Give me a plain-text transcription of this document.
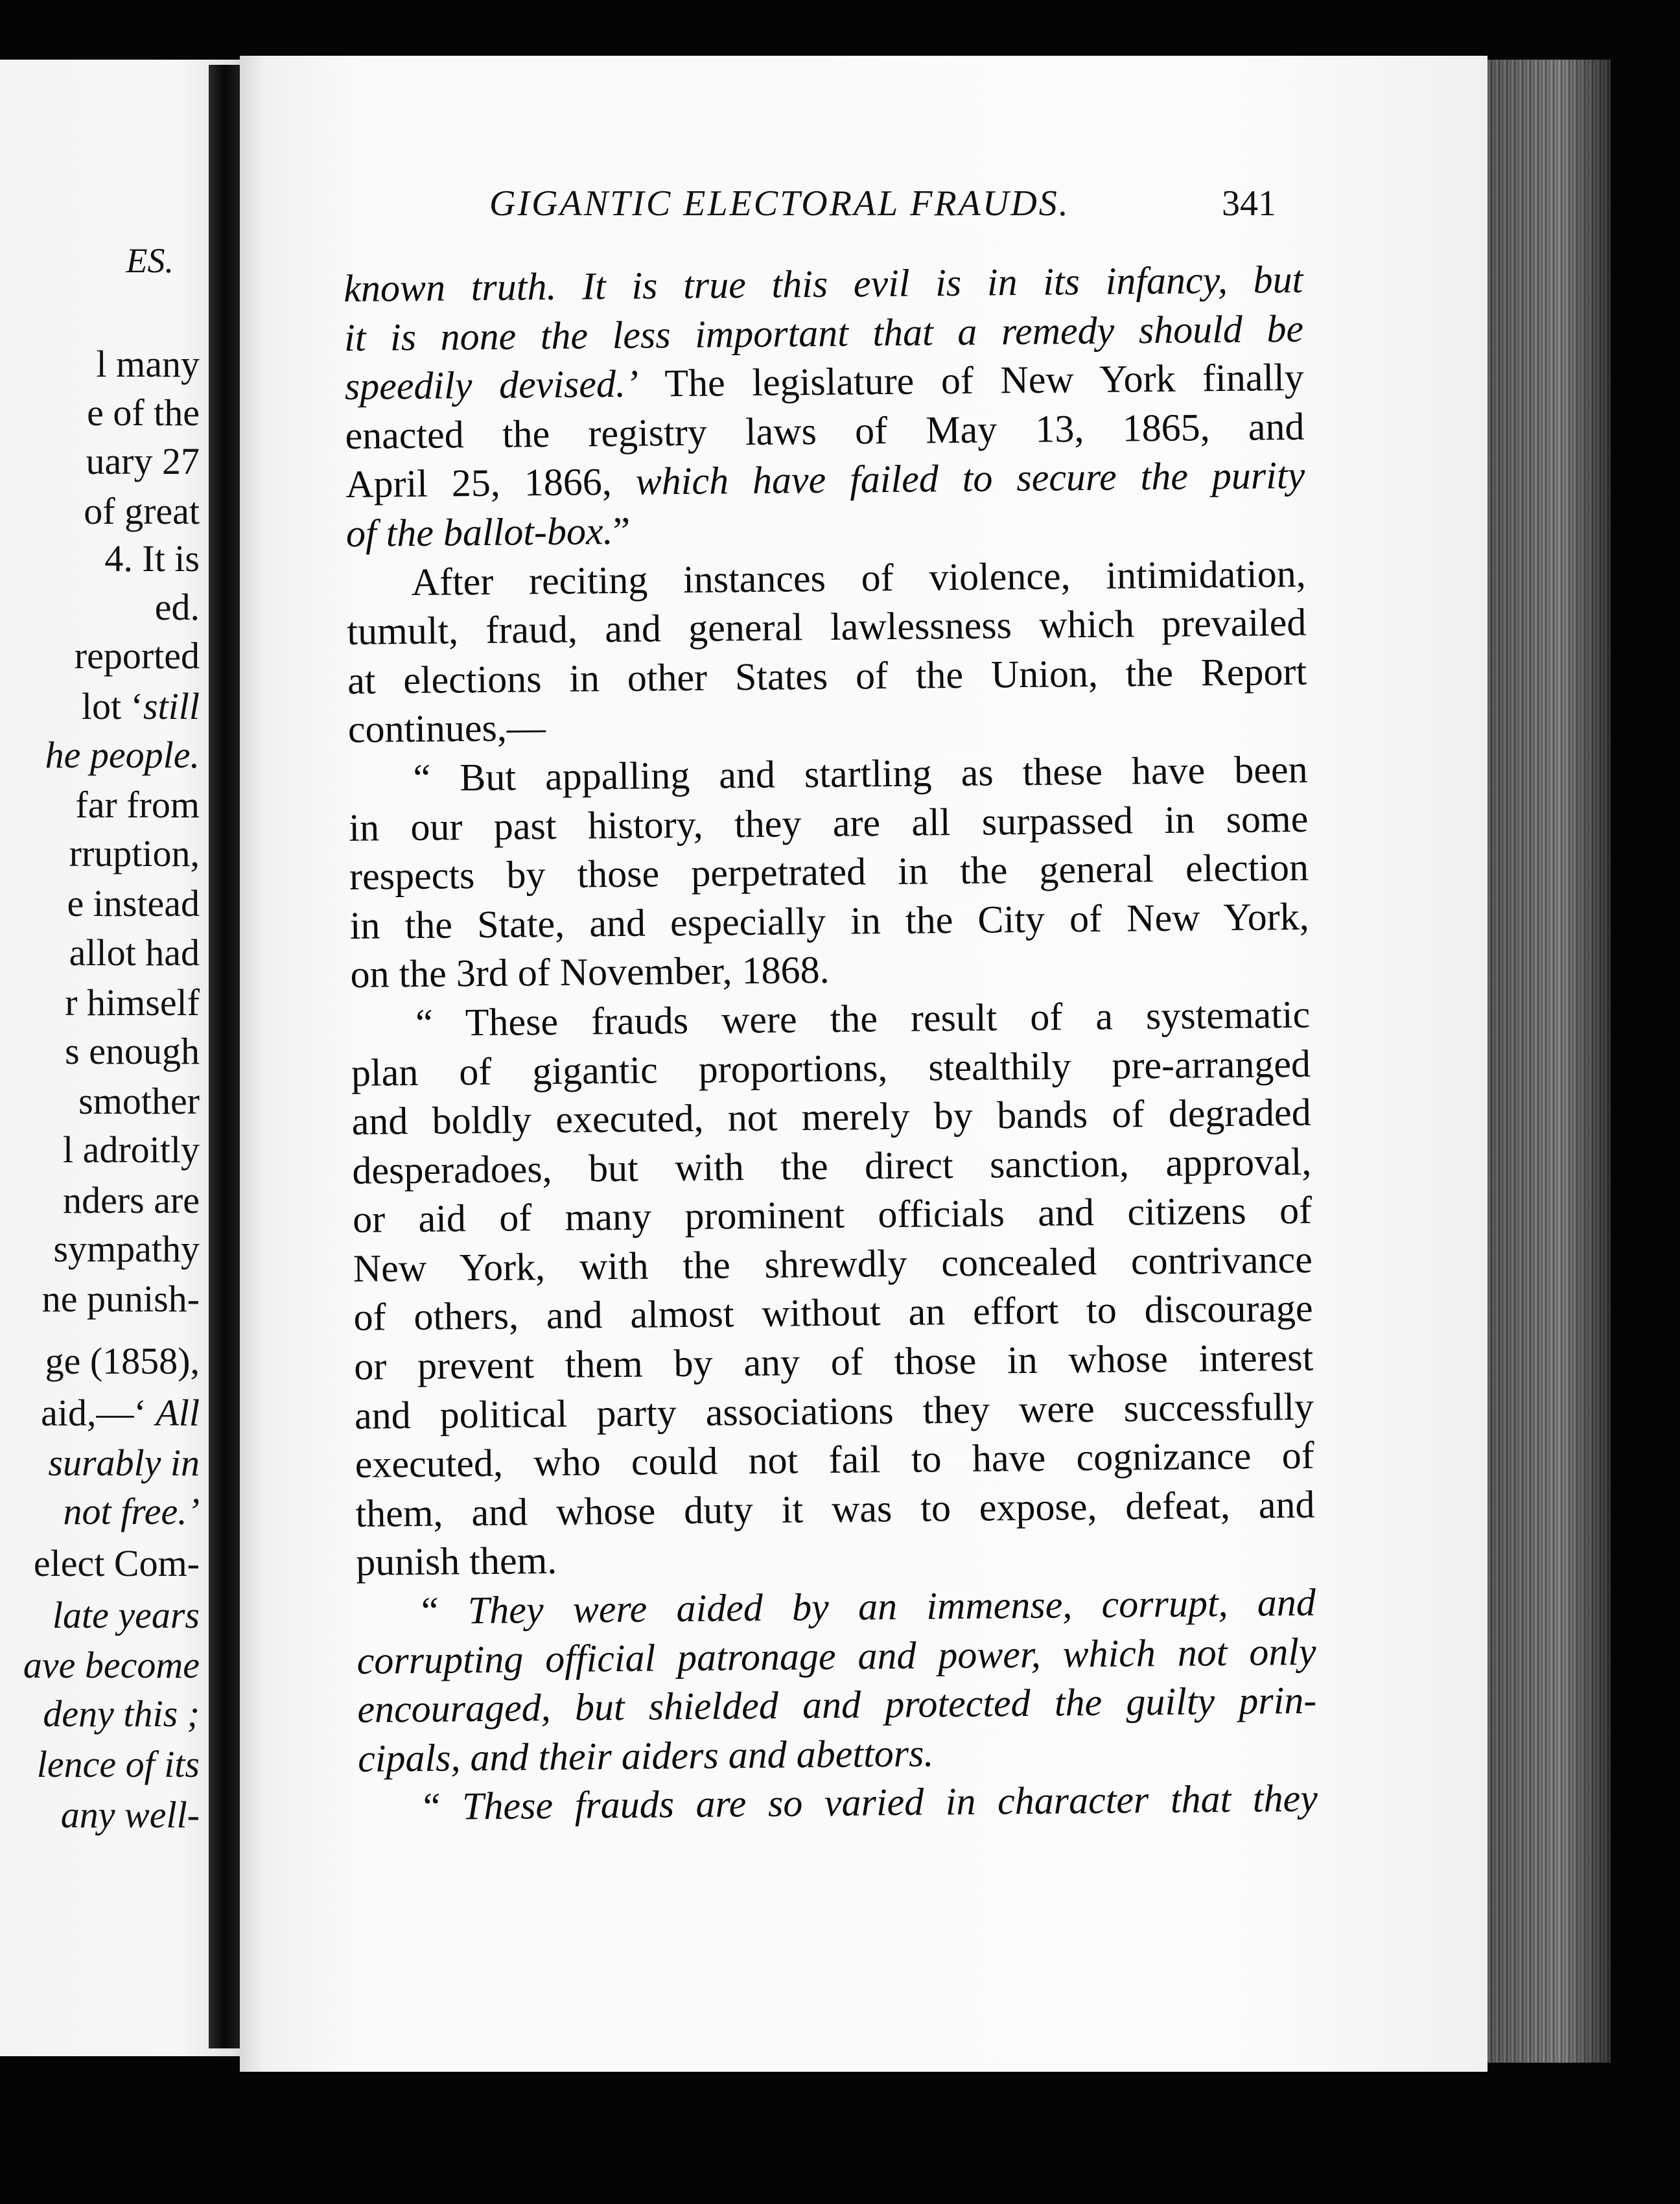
ES.
l many
e of the
uary 27
of great
4. It is
ed.
reported
lot ‘still
he people.
far from
rruption,
e instead
allot had
r himself
s enough
smother
l adroitly
nders are
sympathy
ne punish-
ge (1858),
aid,—‘ All
surably in
not free.’
elect Com-
late years
ave become
deny this ;
lence of its
any well-
GIGANTIC ELECTORAL FRAUDS.	341
known truth. It is true this evil is in its infancy, but
it is none the less important that a remedy should be
speedily devised.’ The legislature of New York finally
enacted the registry laws of May 13, 1865, and
April 25, 1866, which have failed to secure the purity
of the ballot-box.”
After reciting instances of violence, intimidation,
tumult, fraud, and general lawlessness which prevailed
at elections in other States of the Union, the Report
continues,—
“ But appalling and startling as these have been
in our past history, they are all surpassed in some
respects by those perpetrated in the general election
in the State, and especially in the City of New York,
on the 3rd of November, 1868.
“ These frauds were the result of a systematic
plan of gigantic proportions, stealthily pre-arranged
and boldly executed, not merely by bands of degraded
desperadoes, but with the direct sanction, approval,
or aid of many prominent officials and citizens of
New York, with the shrewdly concealed contrivance
of others, and almost without an effort to discourage
or prevent them by any of those in whose interest
and political party associations they were successfully
executed, who could not fail to have cognizance of
them, and whose duty it was to expose, defeat, and
punish them.
“ They were aided by an immense, corrupt, and
corrupting official patronage and power, which not only
encouraged, but shielded and protected the guilty prin-
cipals, and their aiders and abettors.
“ These frauds are so varied in character that they
